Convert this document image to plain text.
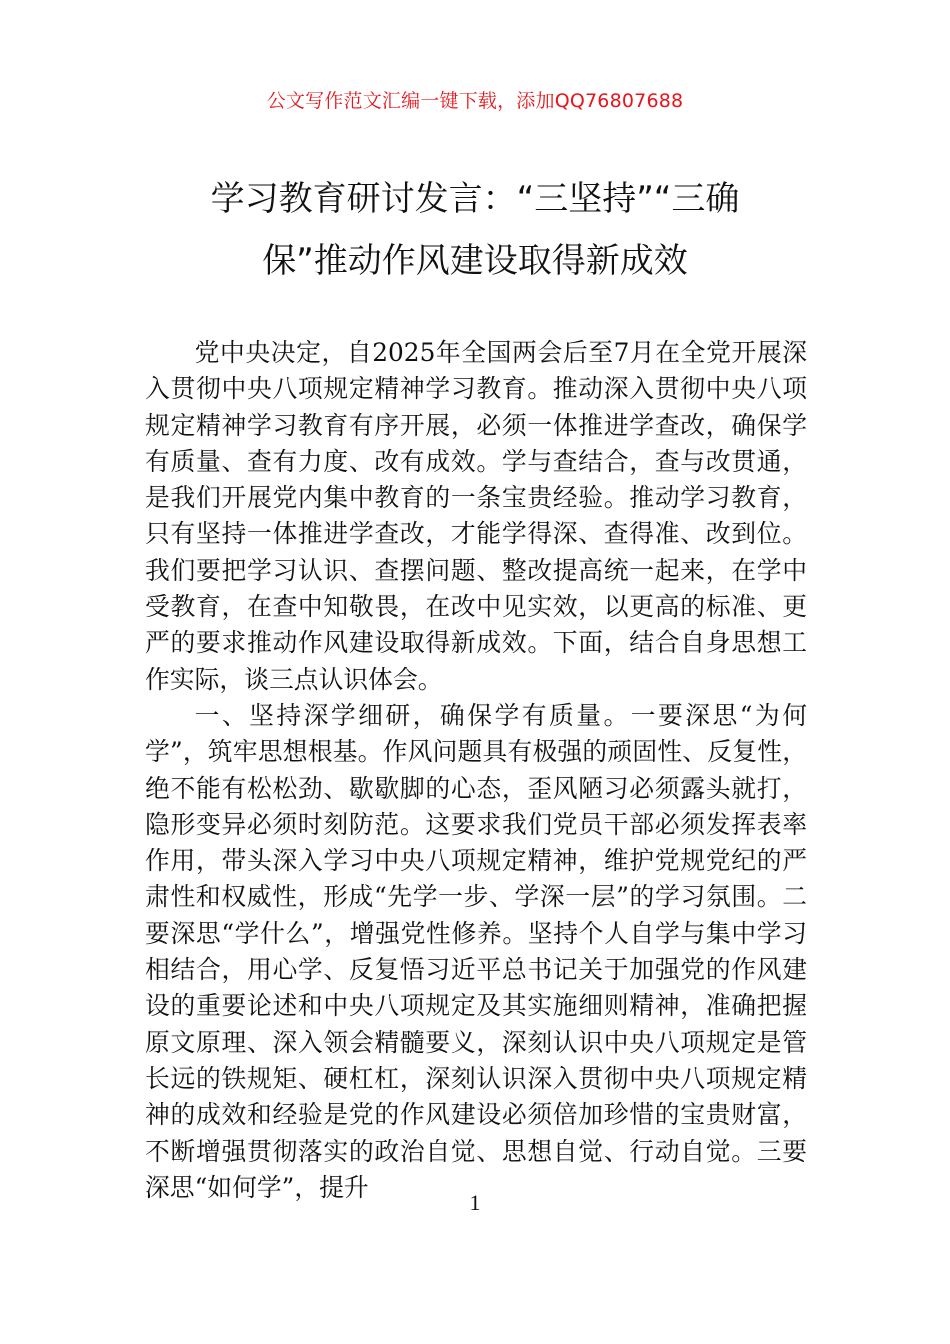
公文写作范文汇编一键下载，添加QQ76807688
学习教育研讨发言：“三坚持”“三确
保”推动作风建设取得新成效

党中央决定，自2025年全国两会后至7月在全党开展深入贯彻中央八项规定精神学习教育。推动深入贯彻中央八项规定精神学习教育有序开展，必须一体推进学查改，确保学有质量、查有力度、改有成效。学与查结合，查与改贯通，是我们开展党内集中教育的一条宝贵经验。推动学习教育，只有坚持一体推进学查改，才能学得深、查得准、改到位。我们要把学习认识、查摆问题、整改提高统一起来，在学中受教育，在查中知敬畏，在改中见实效，以更高的标准、更严的要求推动作风建设取得新成效。下面，结合自身思想工作实际，谈三点认识体会。

一、坚持深学细研，确保学有质量。一要深思“为何学”，筑牢思想根基。作风问题具有极强的顽固性、反复性，绝不能有松松劲、歇歇脚的心态，歪风陋习必须露头就打，隐形变异必须时刻防范。这要求我们党员干部必须发挥表率作用，带头深入学习中央八项规定精神，维护党规党纪的严肃性和权威性，形成“先学一步、学深一层”的学习氛围。二要深思“学什么”，增强党性修养。坚持个人自学与集中学习相结合，用心学、反复悟习近平总书记关于加强党的作风建设的重要论述和中央八项规定及其实施细则精神，准确把握原文原理、深入领会精髓要义，深刻认识中央八项规定是管长远的铁规矩、硬杠杠，深刻认识深入贯彻中央八项规定精神的成效和经验是党的作风建设必须倍加珍惜的宝贵财富，不断增强贯彻落实的政治自觉、思想自觉、行动自觉。三要深思“如何学”，提升

1
